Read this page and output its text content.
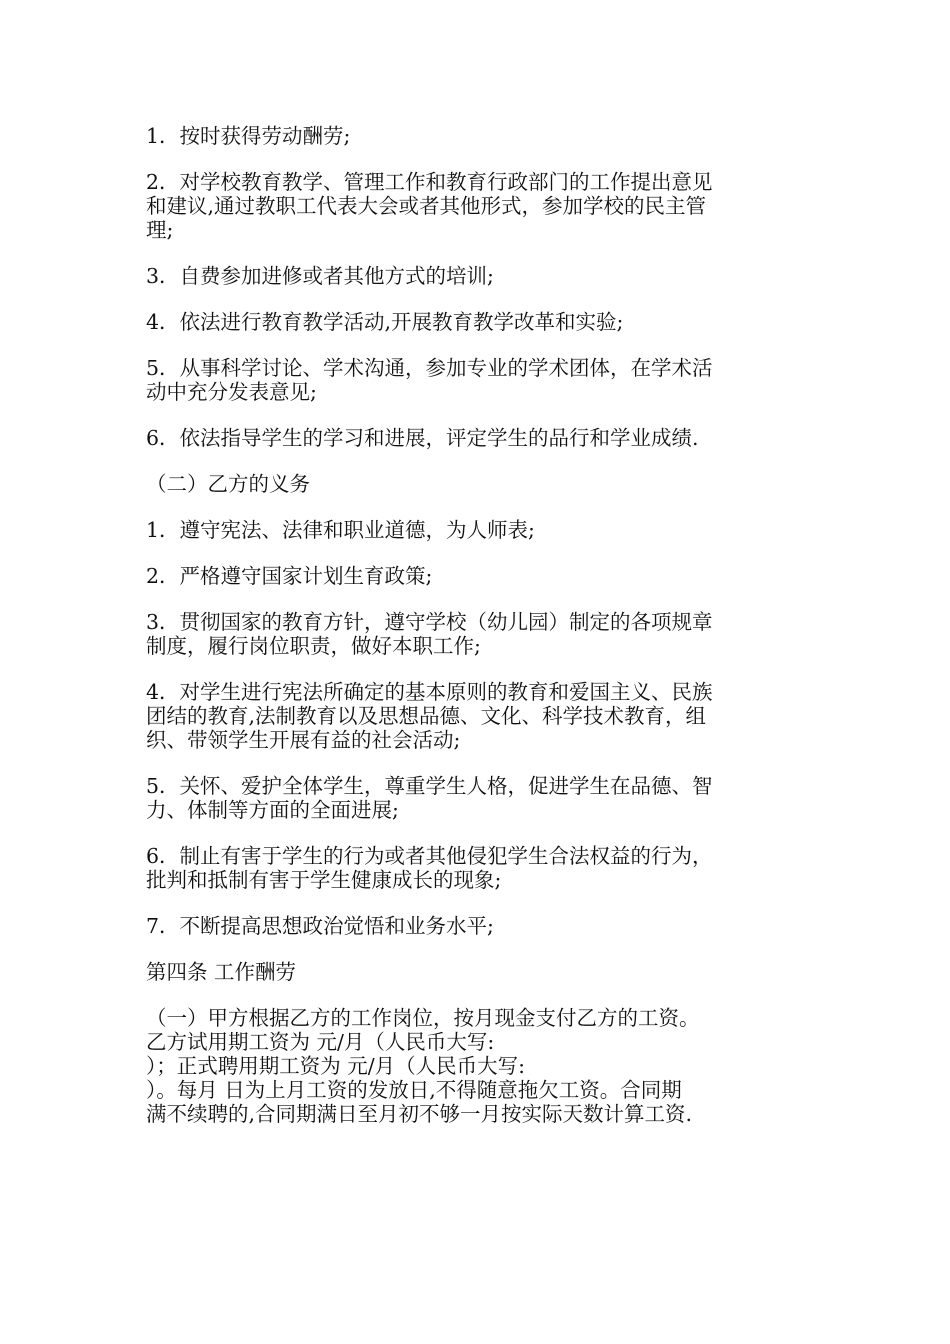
1．按时获得劳动酬劳;

2．对学校教育教学、管理工作和教育行政部门的工作提出意见
和建议,通过教职工代表大会或者其他形式，参加学校的民主管
理;

3．自费参加进修或者其他方式的培训;

4．依法进行教育教学活动,开展教育教学改革和实验;

5．从事科学讨论、学术沟通，参加专业的学术团体，在学术活
动中充分发表意见;

6．依法指导学生的学习和进展，评定学生的品行和学业成绩.

（二）乙方的义务

1．遵守宪法、法律和职业道德，为人师表;

2．严格遵守国家计划生育政策;

3．贯彻国家的教育方针，遵守学校（幼儿园）制定的各项规章
制度，履行岗位职责，做好本职工作;

4．对学生进行宪法所确定的基本原则的教育和爱国主义、民族
团结的教育,法制教育以及思想品德、文化、科学技术教育，组
织、带领学生开展有益的社会活动;

5．关怀、爱护全体学生，尊重学生人格，促进学生在品德、智
力、体制等方面的全面进展;

6．制止有害于学生的行为或者其他侵犯学生合法权益的行为，
批判和抵制有害于学生健康成长的现象;

7．不断提高思想政治觉悟和业务水平;

第四条 工作酬劳

（一）甲方根据乙方的工作岗位，按月现金支付乙方的工资。
乙方试用期工资为 元/月（人民币大写:
）；正式聘用期工资为 元/月（人民币大写:
）。每月 日为上月工资的发放日,不得随意拖欠工资。合同期
满不续聘的,合同期满日至月初不够一月按实际天数计算工资.
